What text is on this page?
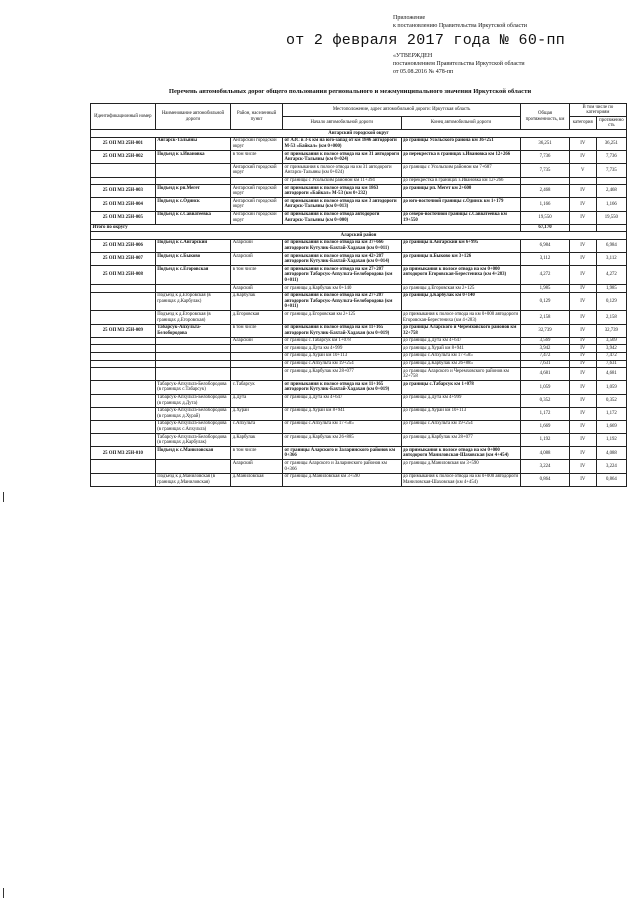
Приложение
к постановлению Правительства Иркутской области
от 2 февраля 2017 года № 60-пп
«УТВЕРЖДЕН
постановлением Правительства Иркутской области
от 05.08.2016 № 478-пп
Перечень автомобильных дорог общего пользования регионального и межмуниципального значения Иркутской области
Идентификационный номер	Наименование автомобильной дороги	Район, населенный пункт	Местоположение, адрес автомобильной дороги: Иркутская область		Общая протяженность, км	В том числе по категориям	
			Начало автомобильной дороги	Конец автомобильной дороги		категория	протяженность
Ангарский городской округ							
25 ОП МЗ 25Н-001	Ангарск-Тальяны	Ангарский городской округ	от АЗС в 3-х км на юго-запад от км 1846 автодороги М-53 «Байкал» (км 0+000)	до границы Усольского района км 36+251	36,251	IV	36,251
25 ОП МЗ 25Н-002	Подъезд к з.Ивановка	в том числе	от примыкания к полосе отвода на км 31 автодороги Ангарск-Тальяны (км 0+024)	до перекрестка в границах з.Ивановка км 12+266	7,736	IV	7,736
		Ангарский городской округ	от примыкания к полосе отвода на км 31 автодороги Ангарск-Тальяны (км 0+024)	до границы с Усольским районом км 7+687	7,735	V	7,735
			от границы с Усольским районом км 11+394	до перекрестка в границах з.Ивановка км 12+266			
25 ОП МЗ 25Н-003	Подъезд к рп.Мегет	Ангарский городской округ	от примыкания к полосе отвода на км 1863 автодороги «Байкал» М-53 (км 0+232)	до границы рп. Мегет км 2+600	2,468	IV	2,468
25 ОП МЗ 25Н-004	Подъезд к с.Одинск	Ангарский городской округ	от примыкания к полосе отвода на км 3 автодороги Ангарск-Тальяны (км 0+013)	до юго-восточной границы с.Одинск км 1+179	1,166	IV	1,166
25 ОП МЗ 25Н-005	Подъезд к с.Савватеевка	Ангарский городской округ	от примыкания к полосе отвода автодороги Ангарск-Тальяны (км 0+000)	до северо-восточной границы с.Савватеевка км 19+550	19,550	IV	19,550
Итого по округу					67,170		
Аларский район							
25 ОП МЗ 25Н-006	Подъезд к с.Ангарский	Аларский	от примыкания к полосе отвода на км 37+666 автодороги Кутулик-Бахтай-Хадахан (км 0+011)	до границы п.Ангарский км 6+995	6,984	IV	6,984
25 ОП МЗ 25Н-007	Подъезд к с.Быково	Аларский	от примыкания к полосе отвода на км 42+207 автодороги Кутулик-Бахтай-Хадахан (км 0+014)	до границы п.Быково км 3+126	3,112	IV	3,112
25 ОП МЗ 25Н-008	Подъезд к с.Егоровская	в том числе	от примыкания к полосе отвода на км 27+207 автодороги Табарсук-Апхульта-Белобородова (км 0+011)	до примыкания к полосе отвода на км 0+000 автодороги Егоровская-Берестениха (км 4+283)	4,272	IV	4,272
		Аларский	от границы д.Карбулак км 0+140	до границы д.Егоровская км 2+125	1,985	IV	1,985
	Подъезд к д.Егоровская (в границах д.Карбулак)	д.Карбулак	от примыкания к полосе отвода на км 27+207 автодороги Табарсук-Апхульта-Белобородова (км 0+011)	до границы д.Карбулак км 0+140	0,129	IV	0,129
	Подъезд к д.Егоровская (в границах д.Егоровская)	д.Егоровская	от границы д.Егоровская км 2+125	до примыкания к полосе отвода на км 0+000 автодороги Егоровская-Берестениха (км 4+283)	2,158	IV	2,158
25 ОП МЗ 25Н-009	Табарсук-Апхульта-Белобородова	в том числе	от примыкания к полосе отвода на км 11+165 автодороги Кутулик-Бахтай-Хадахан (км 0+019)	до границы Аларского и Черемховского районов км 32+758	32,739	IV	32,739
		Аларский	от границы с.Табарсук км 1+078	до границы д.Дута км 4+647	3,569	IV	3,569
			от границы д.Дута км 4+999	до границы д.Хурай км 8+941	3,942	IV	3,942
			от границы д.Хурай км 10+113	до границы с.Апхульта км 17+585	7,472	IV	7,472
			от границы с.Апхульта км 19+254	до границы д.Карбулак км 26+885	7,631	IV	7,631
			от границы д.Карбулак км 28+077	до границы Аларского и Черемховского районов км 32+758	4,681	IV	4,681
	Табарсук-Апхульта-Белобородова (в границах с.Табарсук)	с.Табарсук	от примыкания к полосе отвода на км 11+165 автодороги Кутулик-Бахтай-Хадахан (км 0+019)	до границы с.Табарсук км 1+078	1,059	IV	1,059
	Табарсук-Апхульта-Белобородова (в границах д.Дута)	д.Дута	от границы д.Дута км 4+647	до границы д.Дута км 4+999	0,352	IV	0,352
	Табарсук-Апхульта-Белобородова (в границах д.Хурай)	д.Хурай	от границы д.Хурай км 8+941	до границы д.Хурай км 10+113	1,172	IV	1,172
	Табарсук-Апхульта-Белобородова (в границах с.Апхульта)	с.Апхульта	от границы с.Апхульта км 17+585	до границы с.Апхульта км 19+254	1,669	IV	1,669
	Табарсук-Апхульта-Белобородова (в границах д.Карбулак)	д.Карбулак	от границы д.Карбулак км 26+885	до границы д.Карбулак км 28+077	1,192	IV	1,192
25 ОП МЗ 25Н-010	Подъезд к с.Маниловская	в том числе	от границы Аларского и Заларинского районов км 0+366	до примыкания к полосе отвода на км 0+000 автодороги Маниловская-Шаховская (км 4+454)	4,088	IV	4,088
		Аларский	от границы Аларского и Заларинского районов км 0+366	до границы д.Маниловская км 3+590	3,224	IV	3,224
	Подъезд к д.Маниловская (в границах д.Маниловская)	д.Маниловская	от границы д.Маниловская км 3+590	до примыкания к полосе отвода на км 0+000 автодороги Маниловская-Шаховская (км 4+454)	0,864	IV	0,864
